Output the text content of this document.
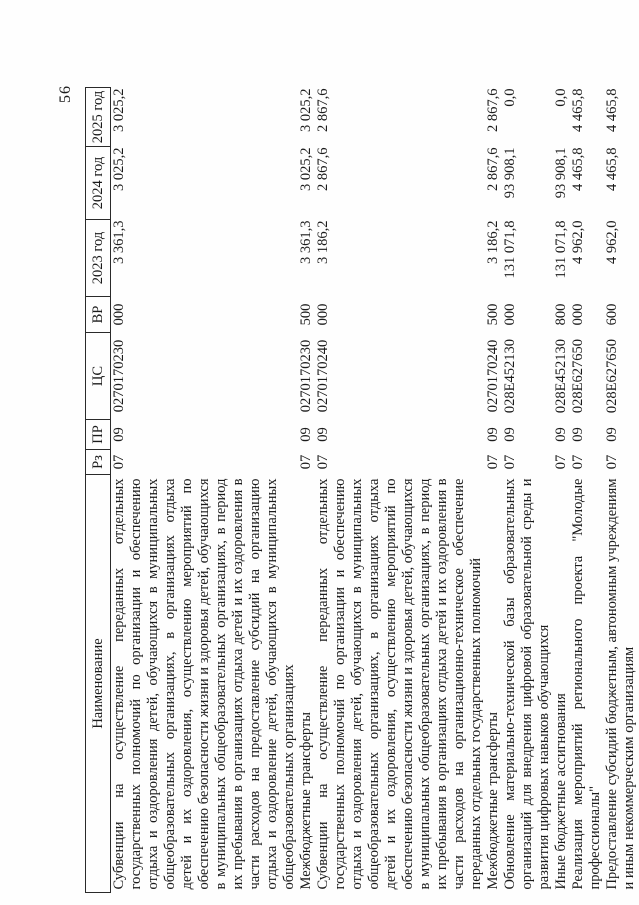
56
Наименование	Рз	ПР	ЦС	ВР	2023 год	2024 год	2025 год
Субвенции на осуществление переданных отдельных государственных полномочий по организации и обеспечению отдыха и оздоровления детей, обучающихся в муниципальных общеобразовательных организациях, в организациях отдыха детей и их оздоровления, осуществлению мероприятий по обеспечению безопасности жизни и здоровья детей, обучающихся в муниципальных общеобразовательных организациях, в период их пребывания в организациях отдыха детей и их оздоровления в части расходов на предоставление субсидий на организацию отдыха и оздоровление детей, обучающихся в муниципальных общеобразовательных организациях	07	09	0270170230	000	3 361,3	3 025,2	3 025,2
Межбюджетные трансферты	07	09	0270170230	500	3 361,3	3 025,2	3 025,2
Субвенции на осуществление переданных отдельных государственных полномочий по организации и обеспечению отдыха и оздоровления детей, обучающихся в муниципальных общеобразовательных организациях, в организациях отдыха детей и их оздоровления, осуществлению мероприятий по обеспечению безопасности жизни и здоровья детей, обучающихся в муниципальных общеобразовательных организациях, в период их пребывания в организациях отдыха детей и их оздоровления в части расходов на организационно-техническое обеспечение переданных отдельных государственных полномочий	07	09	0270170240	000	3 186,2	2 867,6	2 867,6
Межбюджетные трансферты	07	09	0270170240	500	3 186,2	2 867,6	2 867,6
Обновление материально-технической базы образовательных организаций для внедрения цифровой образовательной среды и развития цифровых навыков обучающихся	07	09	028E452130	000	131 071,8	93 908,1	0,0
Иные бюджетные ассигнования	07	09	028E452130	800	131 071,8	93 908,1	0,0
Реализация мероприятий регионального проекта "Молодые профессионалы"	07	09	028E627650	000	4 962,0	4 465,8	4 465,8
Предоставление субсидий бюджетным, автономным учреждениям и иным некоммерческим организациям	07	09	028E627650	600	4 962,0	4 465,8	4 465,8
